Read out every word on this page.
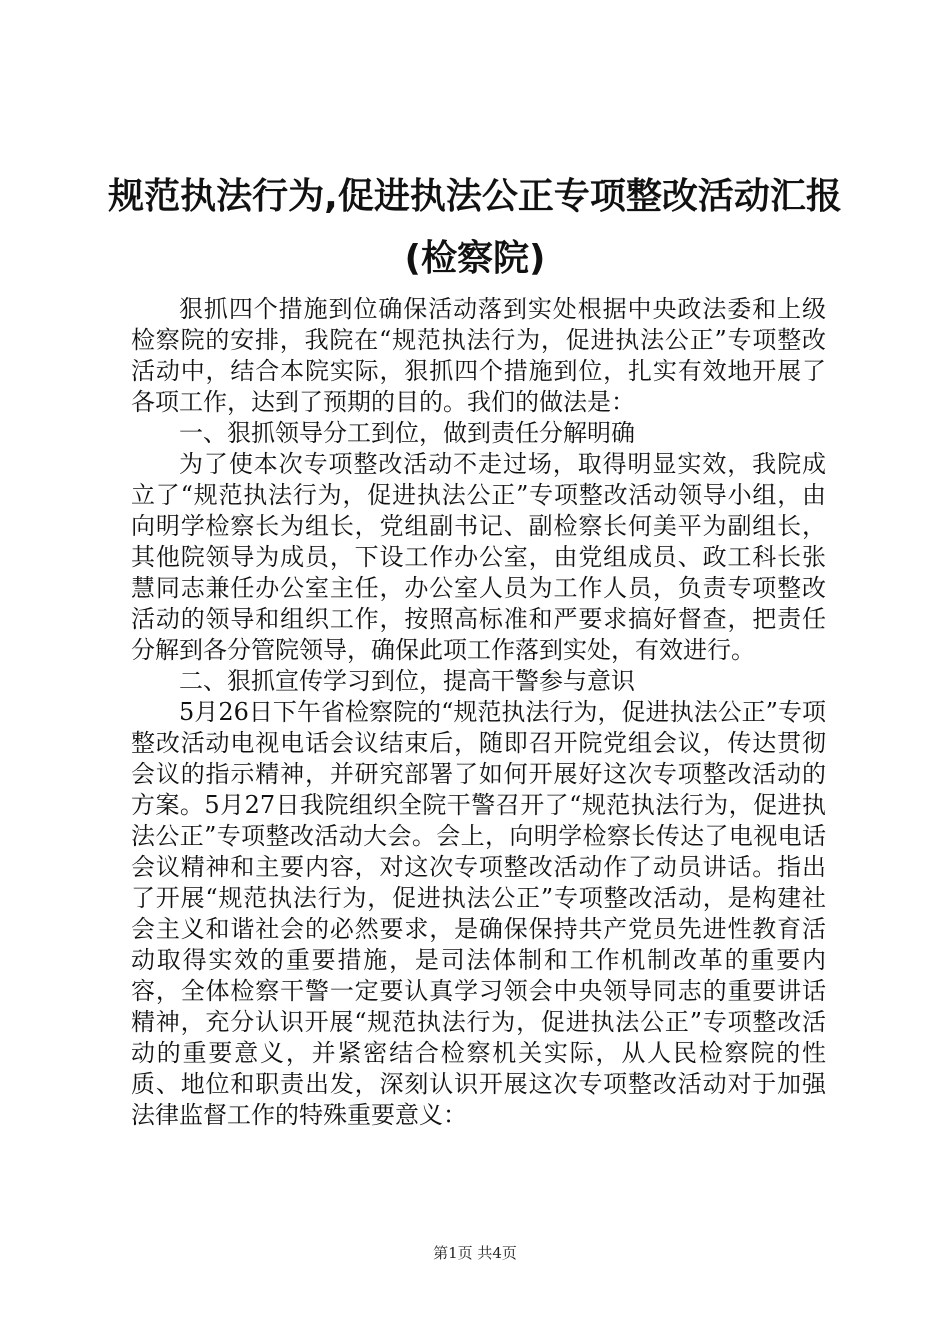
规范执法行为,促进执法公正专项整改活动汇报(检察院)

狠抓四个措施到位确保活动落到实处根据中央政法委和上级检察院的安排，我院在“规范执法行为，促进执法公正”专项整改活动中，结合本院实际，狠抓四个措施到位，扎实有效地开展了各项工作，达到了预期的目的。我们的做法是：

一、狠抓领导分工到位，做到责任分解明确

为了使本次专项整改活动不走过场，取得明显实效，我院成立了“规范执法行为，促进执法公正”专项整改活动领导小组，由向明学检察长为组长，党组副书记、副检察长何美平为副组长，其他院领导为成员，下设工作办公室，由党组成员、政工科长张慧同志兼任办公室主任，办公室人员为工作人员，负责专项整改活动的领导和组织工作，按照高标准和严要求搞好督查，把责任分解到各分管院领导，确保此项工作落到实处，有效进行。

二、狠抓宣传学习到位，提高干警参与意识

5月26日下午省检察院的“规范执法行为，促进执法公正”专项整改活动电视电话会议结束后，随即召开院党组会议，传达贯彻会议的指示精神，并研究部署了如何开展好这次专项整改活动的方案。5月27日我院组织全院干警召开了“规范执法行为，促进执法公正”专项整改活动大会。会上，向明学检察长传达了电视电话会议精神和主要内容，对这次专项整改活动作了动员讲话。指出了开展“规范执法行为，促进执法公正”专项整改活动，是构建社会主义和谐社会的必然要求，是确保保持共产党员先进性教育活动取得实效的重要措施，是司法体制和工作机制改革的重要内容，全体检察干警一定要认真学习领会中央领导同志的重要讲话精神，充分认识开展“规范执法行为，促进执法公正”专项整改活动的重要意义，并紧密结合检察机关实际，从人民检察院的性质、地位和职责出发，深刻认识开展这次专项整改活动对于加强法律监督工作的特殊重要意义：

第1页 共4页
